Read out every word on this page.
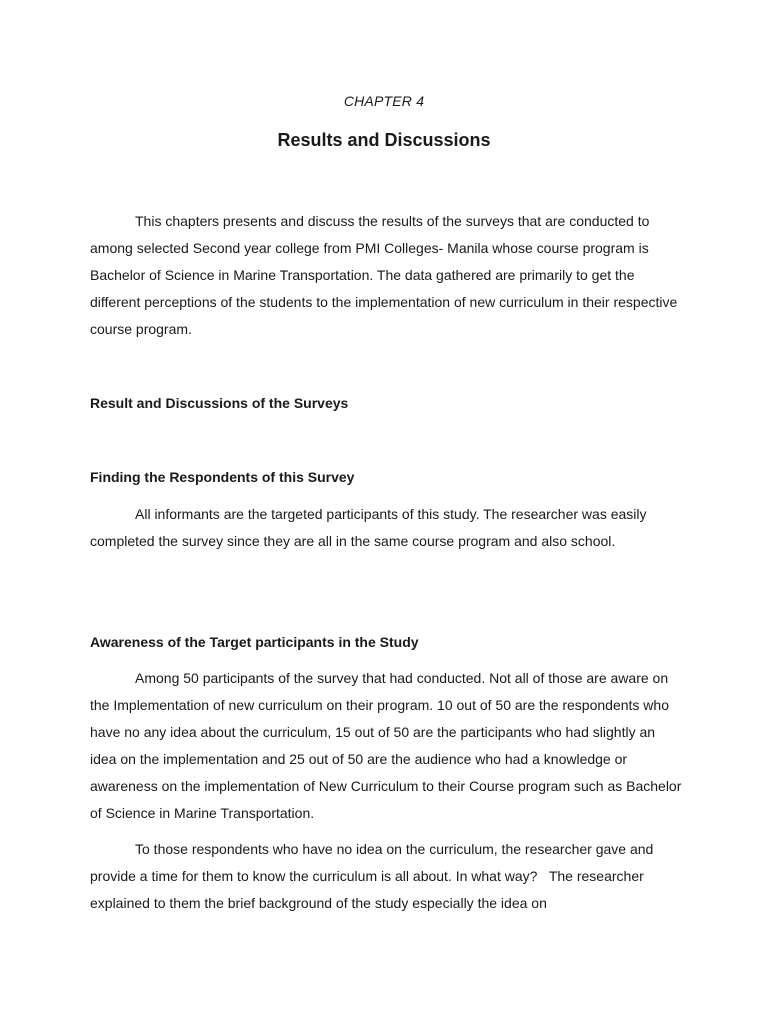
CHAPTER 4
Results and Discussions

This chapters presents and discuss the results of the surveys that are conducted to among selected Second year college from PMI Colleges- Manila whose course program is Bachelor of Science in Marine Transportation. The data gathered are primarily to get the different perceptions of the students to the implementation of new curriculum in their respective course program.

Result and Discussions of the Surveys

Finding the Respondents of this Survey

All informants are the targeted participants of this study. The researcher was easily completed the survey since they are all in the same course program and also school.

Awareness of the Target participants in the Study

Among 50 participants of the survey that had conducted. Not all of those are aware on the Implementation of new curriculum on their program. 10 out of 50 are the respondents who have no any idea about the curriculum, 15 out of 50 are the participants who had slightly an idea on the implementation and 25 out of 50 are the audience who had a knowledge or awareness on the implementation of New Curriculum to their Course program such as Bachelor of Science in Marine Transportation.

To those respondents who have no idea on the curriculum, the researcher gave and provide a time for them to know the curriculum is all about. In what way?   The researcher explained to them the brief background of the study especially the idea on
